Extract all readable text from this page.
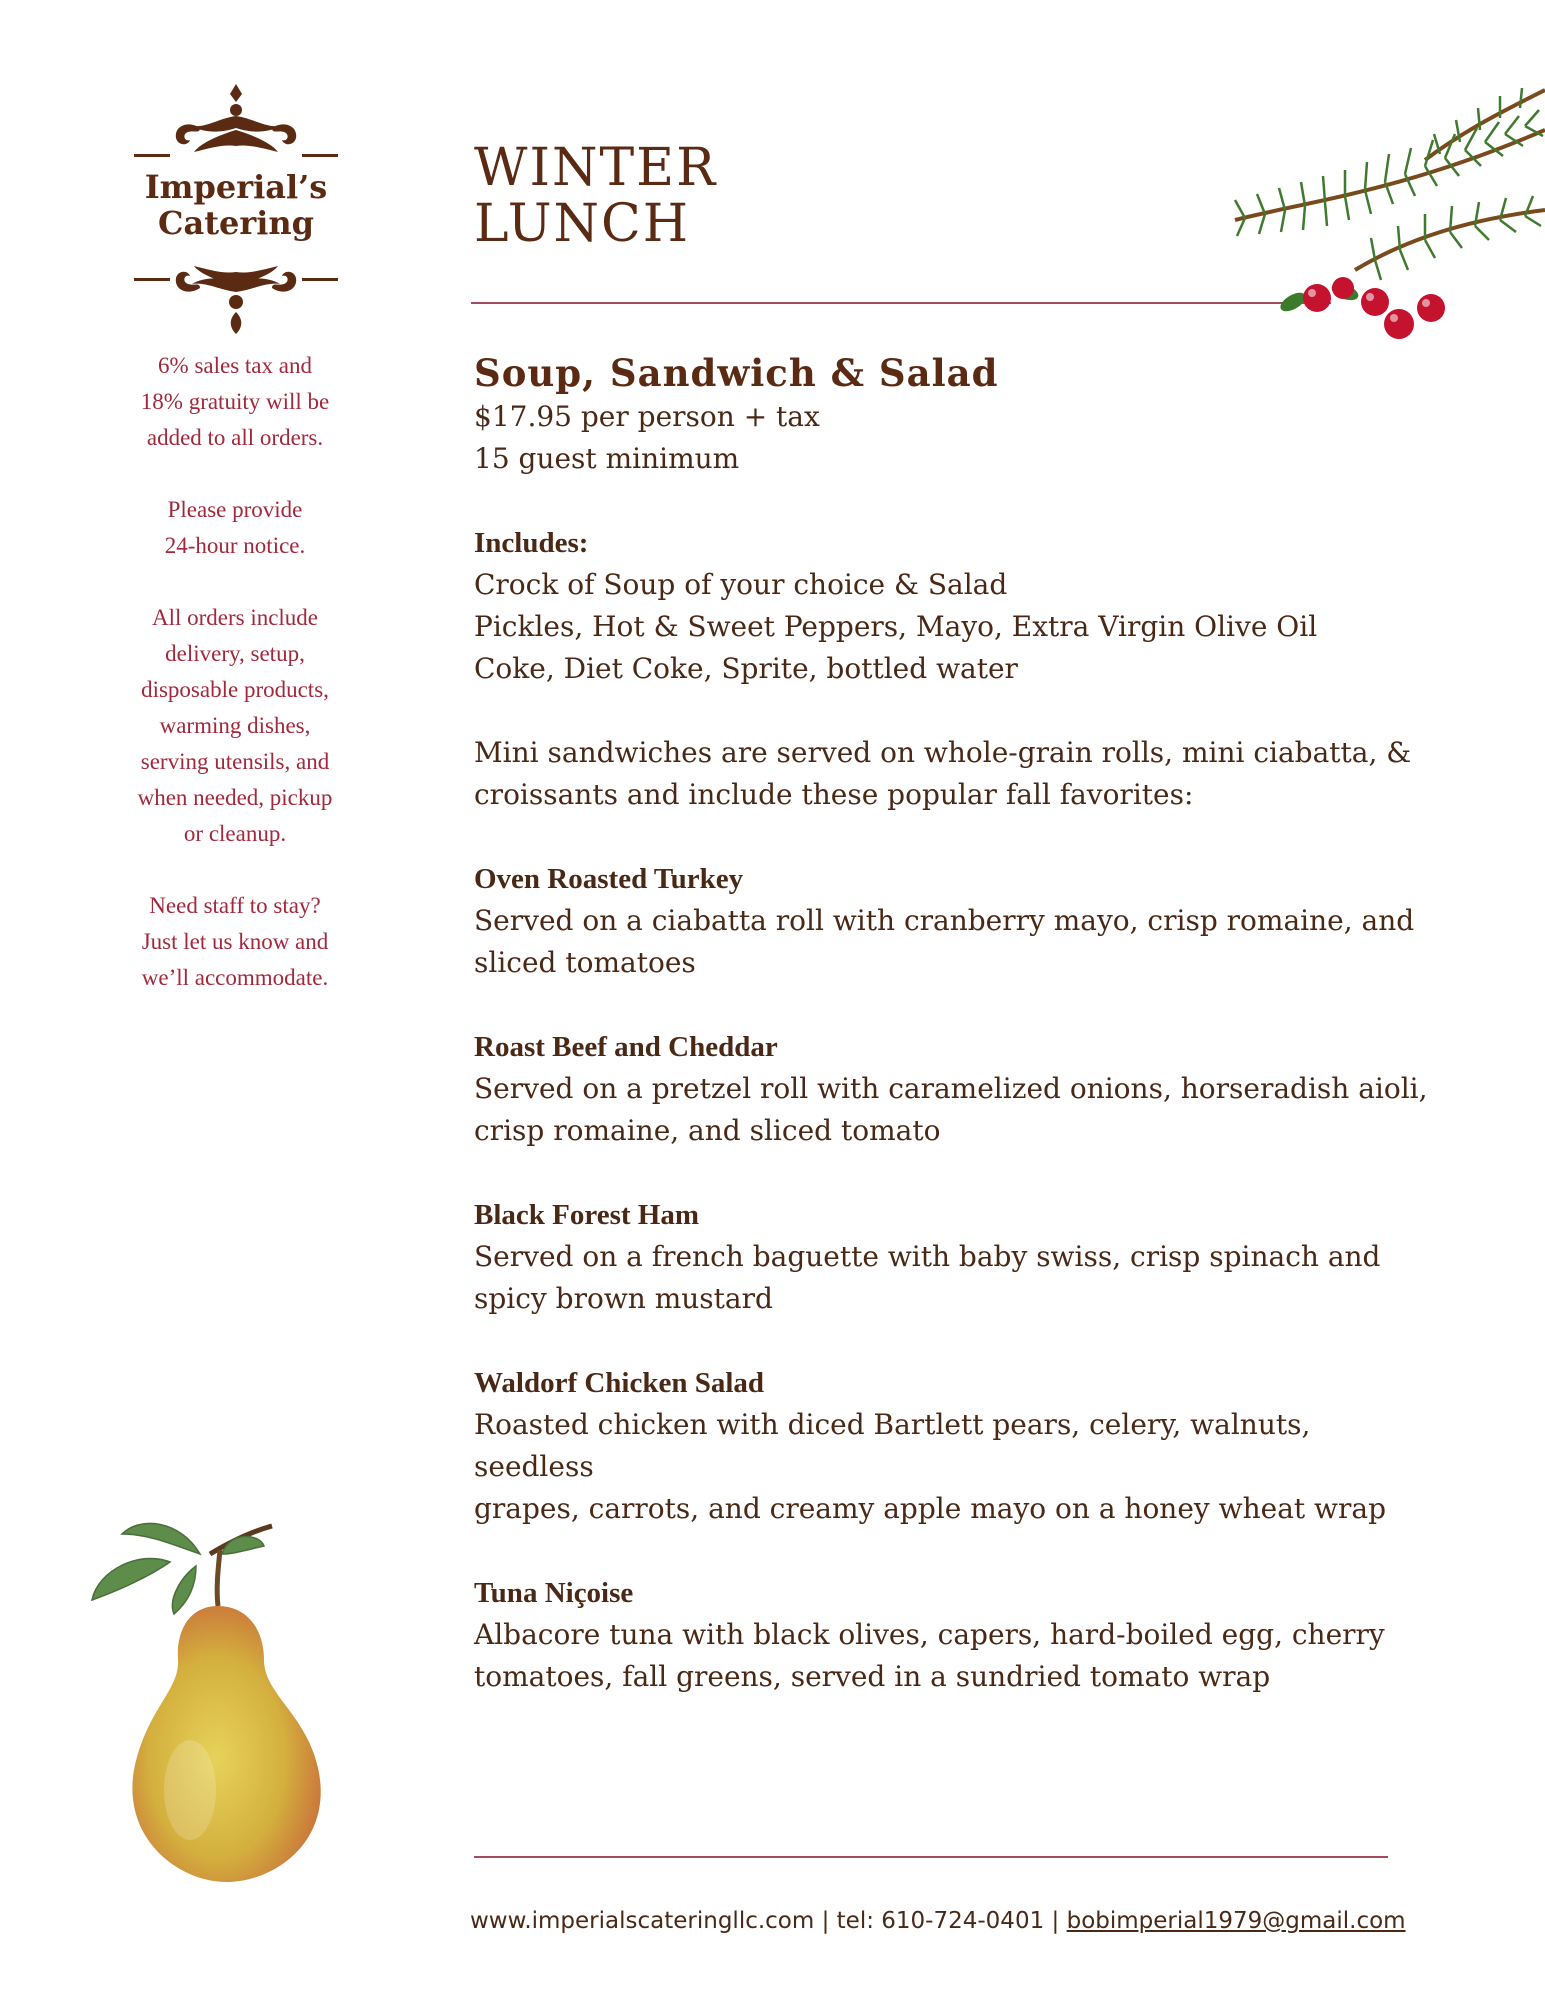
Imperial’s
Catering

6% sales tax and
18% gratuity will be
added to all orders.

Please provide
24-hour notice.

All orders include
delivery, setup,
disposable products,
warming dishes,
serving utensils, and
when needed, pickup
or cleanup.

Need staff to stay?
Just let us know and
we’ll accommodate.

WINTER
LUNCH
Soup, Sandwich & Salad
$17.95 per person + tax
15 guest minimum
Includes:
Crock of Soup of your choice & Salad
Pickles, Hot & Sweet Peppers, Mayo, Extra Virgin Olive Oil
Coke, Diet Coke, Sprite, bottled water
Mini sandwiches are served on whole-grain rolls, mini ciabatta, &
croissants and include these popular fall favorites:
Oven Roasted Turkey
Served on a ciabatta roll with cranberry mayo, crisp romaine, and
sliced tomatoes
Roast Beef and Cheddar
Served on a pretzel roll with caramelized onions, horseradish aioli,
crisp romaine, and sliced tomato
Black Forest Ham
Served on a french baguette with baby swiss, crisp spinach and
spicy brown mustard
Waldorf Chicken Salad
Roasted chicken with diced Bartlett pears, celery, walnuts, seedless
grapes, carrots, and creamy apple mayo on a honey wheat wrap
Tuna Niçoise
Albacore tuna with black olives, capers, hard-boiled egg, cherry
tomatoes, fall greens, served in a sundried tomato wrap
www.imperialscateringllc.com | tel: 610-724-0401 | bobimperial1979@gmail.com
